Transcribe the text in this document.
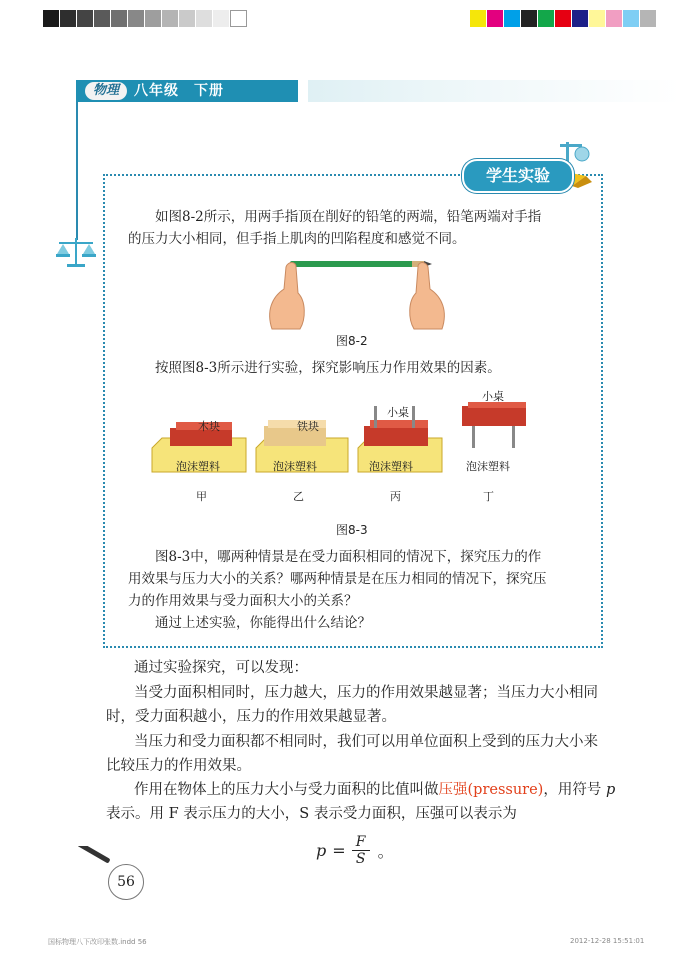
物理	八年级　下册
学生实验
　　如图8-2所示，用两手指顶在削好的铅笔的两端，铅笔两端对手指
的压力大小相同，但手指上肌肉的凹陷程度和感觉不同。
图8-2
　　按照图8-3所示进行实验，探究影响压力作用效果的因素。
木块	铁块
小桌
小桌
泡沫塑料	泡沫塑料	泡沫塑料	泡沫塑料
甲	乙	丙	丁
图8-3
　　图8-3中，哪两种情景是在受力面积相同的情况下，探究压力的作
用效果与压力大小的关系？哪两种情景是在压力相同的情况下，探究压
力的作用效果与受力面积大小的关系？
　　通过上述实验，你能得出什么结论？
通过实验探究，可以发现：
当受力面积相同时，压力越大，压力的作用效果越显著；当压力大小相同
时，受力面积越小，压力的作用效果越显著。
当压力和受力面积都不相同时，我们可以用单位面积上受到的压力大小来
比较压力的作用效果。
作用在物体上的压力大小与受力面积的比值叫做压强(pressure)，用符号 p
表示。用 F 表示压力的大小，S 表示受力面积，压强可以表示为
p = F
S 。
56
国标物理八下改印张数.indd 56	2012-12-28 15:51:01
